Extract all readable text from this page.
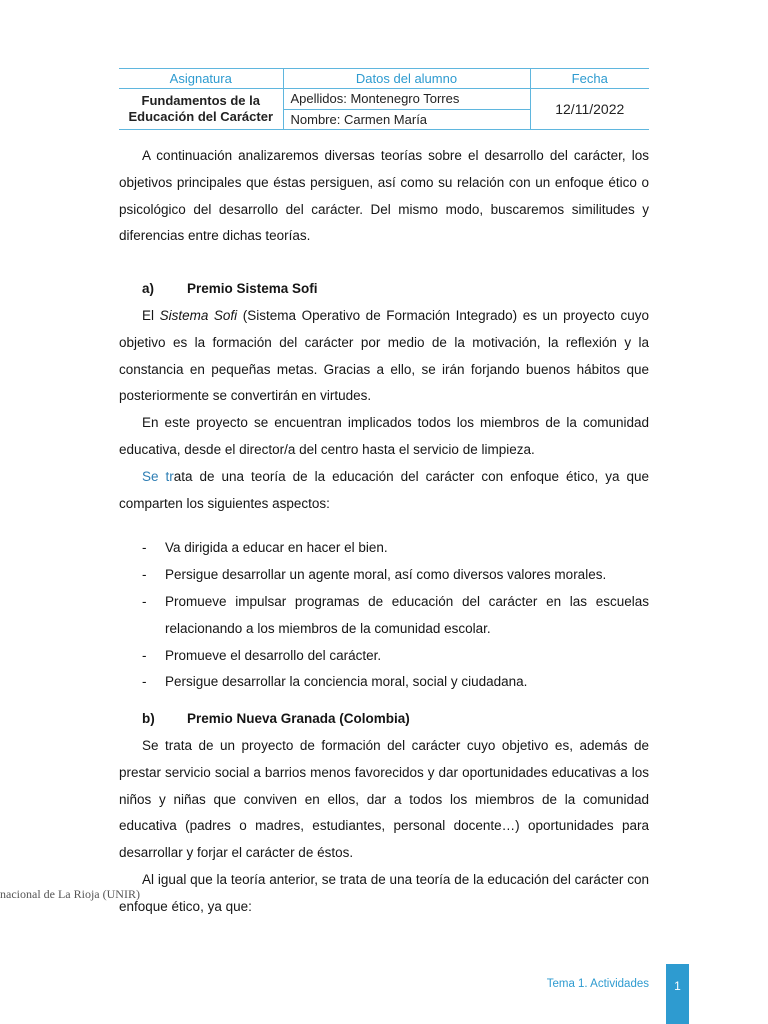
Asignatura	Datos del alumno	Fecha
Fundamentos de la
Educación del Carácter	Apellidos: Montenegro Torres	12/11/2022
	Nombre: Carmen María	

A continuación analizaremos diversas teorías sobre el desarrollo del carácter, los objetivos principales que éstas persiguen, así como su relación con un enfoque ético o psicológico del desarrollo del carácter. Del mismo modo, buscaremos similitudes y diferencias entre dichas teorías.

a)	Premio Sistema Sofi

El Sistema Sofi (Sistema Operativo de Formación Integrado) es un proyecto cuyo objetivo es la formación del carácter por medio de la motivación, la reflexión y la constancia en pequeñas metas. Gracias a ello, se irán forjando buenos hábitos que posteriormente se convertirán en virtudes.

En este proyecto se encuentran implicados todos los miembros de la comunidad educativa, desde el director/a del centro hasta el servicio de limpieza.

Se trata de una teoría de la educación del carácter con enfoque ético, ya que comparten los siguientes aspectos:

- Va dirigida a educar en hacer el bien.
- Persigue desarrollar un agente moral, así como diversos valores morales.
- Promueve impulsar programas de educación del carácter en las escuelas relacionando a los miembros de la comunidad escolar.
- Promueve el desarrollo del carácter.
- Persigue desarrollar la conciencia moral, social y ciudadana.
b)	Premio Nueva Granada (Colombia)

Se trata de un proyecto de formación del carácter cuyo objetivo es, además de prestar servicio social a barrios menos favorecidos y dar oportunidades educativas a los niños y niñas que conviven en ellos, dar a todos los miembros de la comunidad educativa (padres o madres, estudiantes, personal docente…) oportunidades para desarrollar y forjar el carácter de éstos.

Al igual que la teoría anterior, se trata de una teoría de la educación del carácter con enfoque ético, ya que:

nacional de La Rioja (UNIR)
Tema 1. Actividades	1
